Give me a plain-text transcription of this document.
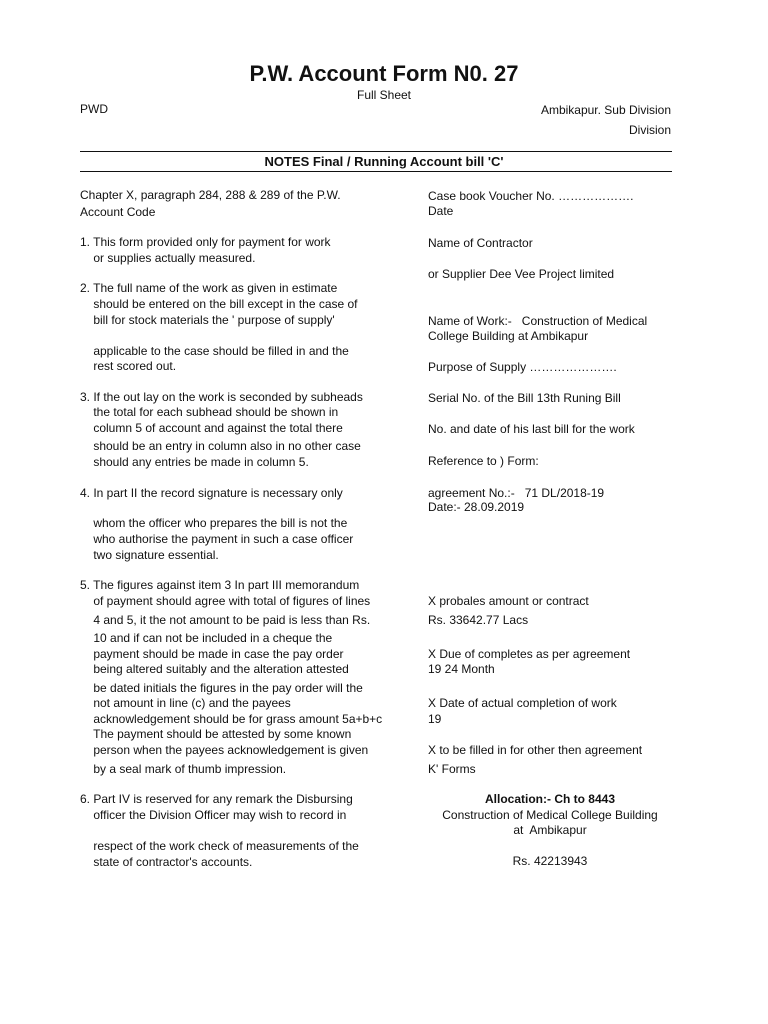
P.W. Account Form N0. 27
Full Sheet
PWD	Ambikapur. Sub Division
Division
NOTES Final / Running Account bill 'C'
Chapter X, paragraph 284, 288 & 289 of the P.W.
Account Code
1. This form provided only for payment for work
or supplies actually measured.
2. The full name of the work as given in estimate
should be entered on the bill except in the case of
bill for stock materials the ' purpose of supply'
applicable to the case should be filled in and the
rest scored out.
3. If the out lay on the work is seconded by subheads
the total for each subhead should be shown in
column 5 of account and against the total there
should be an entry in column also in no other case
should any entries be made in column 5.
4. In part II the record signature is necessary only
whom the officer who prepares the bill is not the
who authorise the payment in such a case officer
two signature essential.
5. The figures against item 3 In part III memorandum
of payment should agree with total of figures of lines
4 and 5, it the not amount to be paid is less than Rs.
10 and if can not be included in a cheque the
payment should be made in case the pay order
being altered suitably and the alteration attested
be dated initials the figures in the pay order will the
not amount in line (c) and the payees
acknowledgement should be for grass amount 5a+b+c
The payment should be attested by some known
person when the payees acknowledgement is given
by a seal mark of thumb impression.
6. Part IV is reserved for any remark the Disbursing
officer the Division Officer may wish to record in
respect of the work check of measurements of the
state of contractor's accounts.
Case book Voucher No. ……………….
Date
Name of Contractor
or Supplier Dee Vee Project limited
Name of Work:-   Construction of Medical
College Building at Ambikapur
Purpose of Supply ………………….
Serial No. of the Bill 13th Runing Bill
No. and date of his last bill for the work
Reference to ) Form:
agreement No.:-   71 DL/2018-19
Date:- 28.09.2019
X probales amount or contract
Rs. 33642.77 Lacs
X Due of completes as per agreement
19 24 Month
X Date of actual completion of work
19
X to be filled in for other then agreement
K' Forms
Allocation:- Ch to 8443
Construction of Medical College Building
at  Ambikapur
Rs. 42213943
